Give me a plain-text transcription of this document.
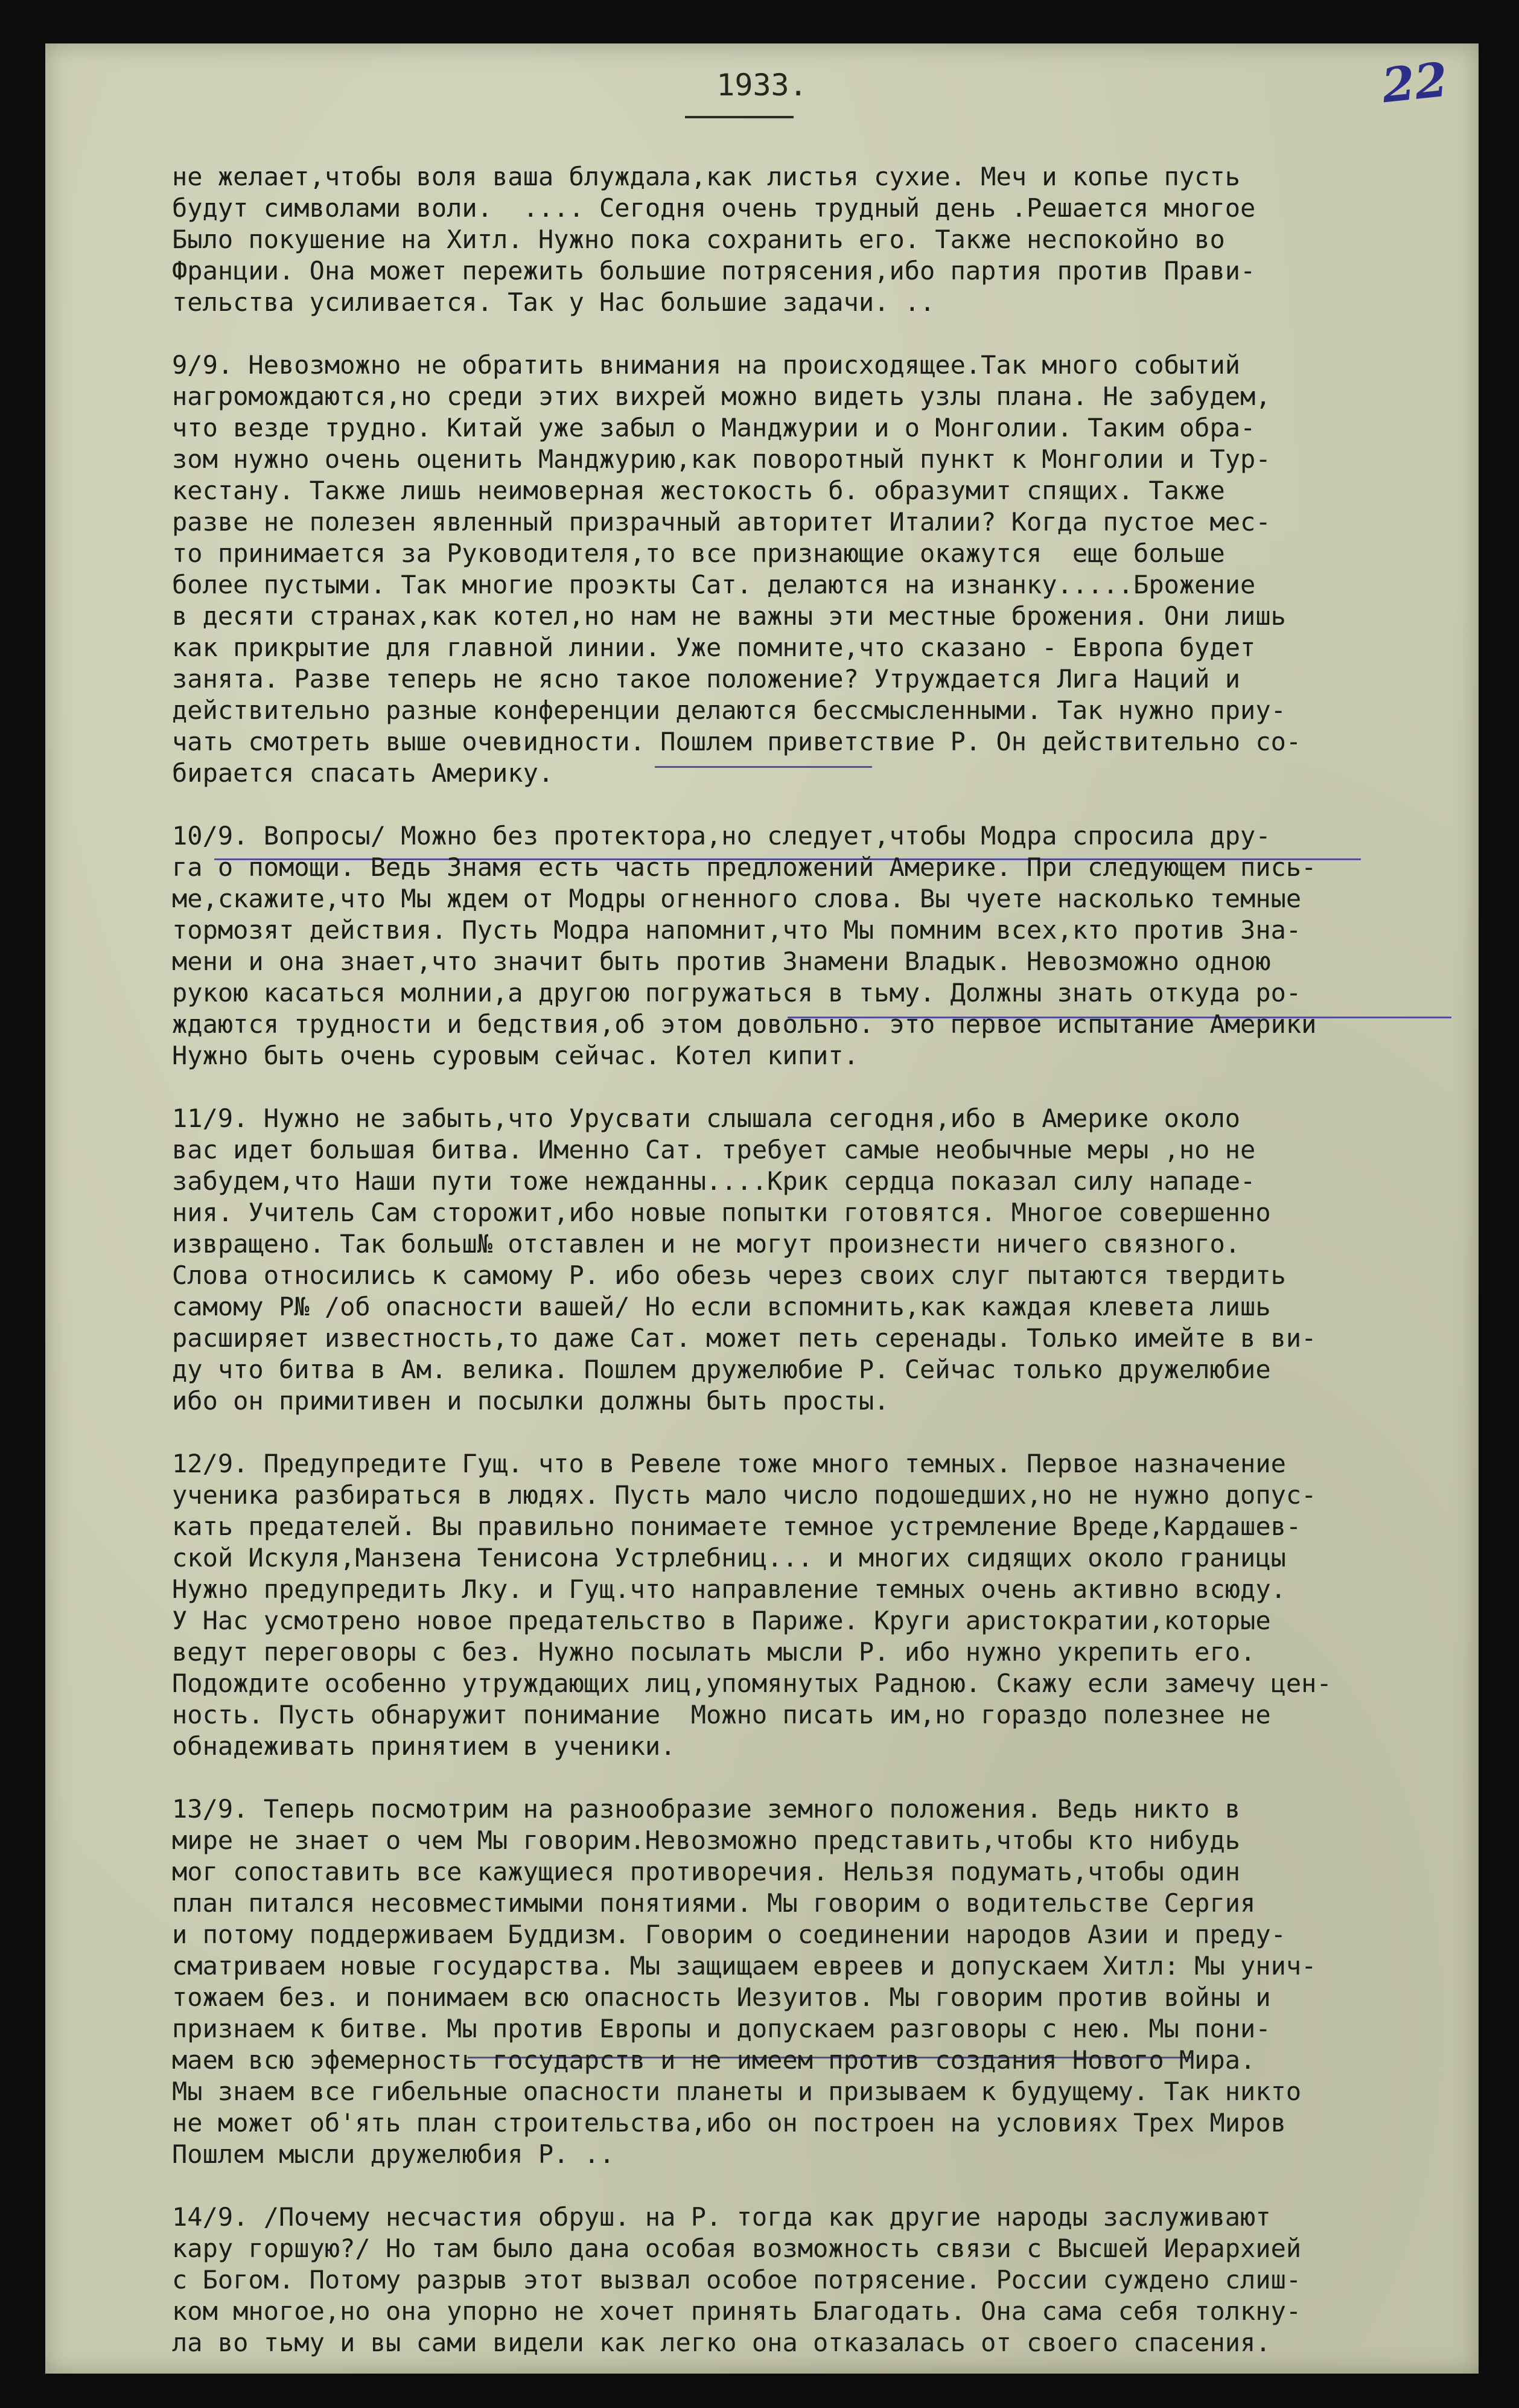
1933.	22
не желает,чтобы воля ваша блуждала,как листья сухие. Меч и копье пусть
будут символами воли.  .... Сегодня очень трудный день .Решается многое
Было покушение на Хитл. Нужно пока сохранить его. Также неспокойно во
Франции. Она может пережить большие потрясения,ибо партия против Прави-
тельства усиливается. Так у Нас большие задачи. ..
9/9. Невозможно не обратить внимания на происходящее.Так много событий
нагромождаются,но среди этих вихрей можно видеть узлы плана. Не забудем,
что везде трудно. Китай уже забыл о Манджурии и о Монголии. Таким обра-
зом нужно очень оценить Манджурию,как поворотный пункт к Монголии и Тур-
кестану. Также лишь неимоверная жестокость б. образумит спящих. Также
разве не полезен явленный призрачный авторитет Италии? Когда пустое мес-
то принимается за Руководителя,то все признающие окажутся  еще больше
более пустыми. Так многие проэкты Сат. делаются на изнанку.....Брожение
в десяти странах,как котел,но нам не важны эти местные брожения. Они лишь
как прикрытие для главной линии. Уже помните,что сказано - Европа будет
занята. Разве теперь не ясно такое положение? Утруждается Лига Наций и
действительно разные конференции делаются бессмысленными. Так нужно приу-
чать смотреть выше очевидности. Пошлем приветствие Р. Он действительно со-
бирается спасать Америку.
10/9. Вопросы/ Можно без протектора,но следует,чтобы Модра спросила дру-
га о помощи. Ведь Знамя есть часть предложений Америке. При следующем пись-
ме,скажите,что Мы ждем от Модры огненного слова. Вы чуете насколько темные
тормозят действия. Пусть Модра напомнит,что Мы помним всех,кто против Зна-
мени и она знает,что значит быть против Знамени Владык. Невозможно одною
рукою касаться молнии,а другою погружаться в тьму. Должны знать откуда ро-
ждаются трудности и бедствия,об этом довольно. это первое испытание Америки
Нужно быть очень суровым сейчас. Котел кипит.
11/9. Нужно не забыть,что Урусвати слышала сегодня,ибо в Америке около
вас идет большая битва. Именно Сат. требует самые необычные меры ,но не
забудем,что Наши пути тоже нежданны....Крик сердца показал силу нападе-
ния. Учитель Сам сторожит,ибо новые попытки готовятся. Многое совершенно
извращено. Так больш№ отставлен и не могут произнести ничего связного.
Слова относились к самому Р. ибо обезь через своих слуг пытаются твердить
самому Р№ /об опасности вашей/ Но если вспомнить,как каждая клевета лишь
расширяет известность,то даже Сат. может петь серенады. Только имейте в ви-
ду что битва в Ам. велика. Пошлем дружелюбие Р. Сейчас только дружелюбие
ибо он примитивен и посылки должны быть просты.
12/9. Предупредите Гущ. что в Ревеле тоже много темных. Первое назначение
ученика разбираться в людях. Пусть мало число подошедших,но не нужно допус-
кать предателей. Вы правильно понимаете темное устремление Вреде,Кардашев-
ской Искуля,Манзена Тенисона Устрлебниц... и многих сидящих около границы
Нужно предупредить Лку. и Гущ.что направление темных очень активно всюду.
У Нас усмотрено новое предательство в Париже. Круги аристократии,которые
ведут переговоры с без. Нужно посылать мысли Р. ибо нужно укрепить его.
Подождите особенно утруждающих лиц,упомянутых Радною. Скажу если замечу цен-
ность. Пусть обнаружит понимание  Можно писать им,но гораздо полезнее не
обнадеживать принятием в ученики.
13/9. Теперь посмотрим на разнообразие земного положения. Ведь никто в
мире не знает о чем Мы говорим.Невозможно представить,чтобы кто нибудь
мог сопоставить все кажущиеся противоречия. Нельзя подумать,чтобы один
план питался несовместимыми понятиями. Мы говорим о водительстве Сергия
и потому поддерживаем Буддизм. Говорим о соединении народов Азии и преду-
сматриваем новые государства. Мы защищаем евреев и допускаем Хитл: Мы унич-
тожаем без. и понимаем всю опасность Иезуитов. Мы говорим против войны и
признаем к битве. Мы против Европы и допускаем разговоры с нею. Мы пони-
маем всю эфемерность государств и не имеем против создания Нового Мира.
Мы знаем все гибельные опасности планеты и призываем к будущему. Так никто
не может об'ять план строительства,ибо он построен на условиях Трех Миров
Пошлем мысли дружелюбия Р. ..
14/9. /Почему несчастия обруш. на Р. тогда как другие народы заслуживают
кару горшую?/ Но там было дана особая возможность связи с Высшей Иерархией
с Богом. Потому разрыв этот вызвал особое потрясение. России суждено слиш-
ком многое,но она упорно не хочет принять Благодать. Она сама себя толкну-
ла во тьму и вы сами видели как легко она отказалась от своего спасения.
